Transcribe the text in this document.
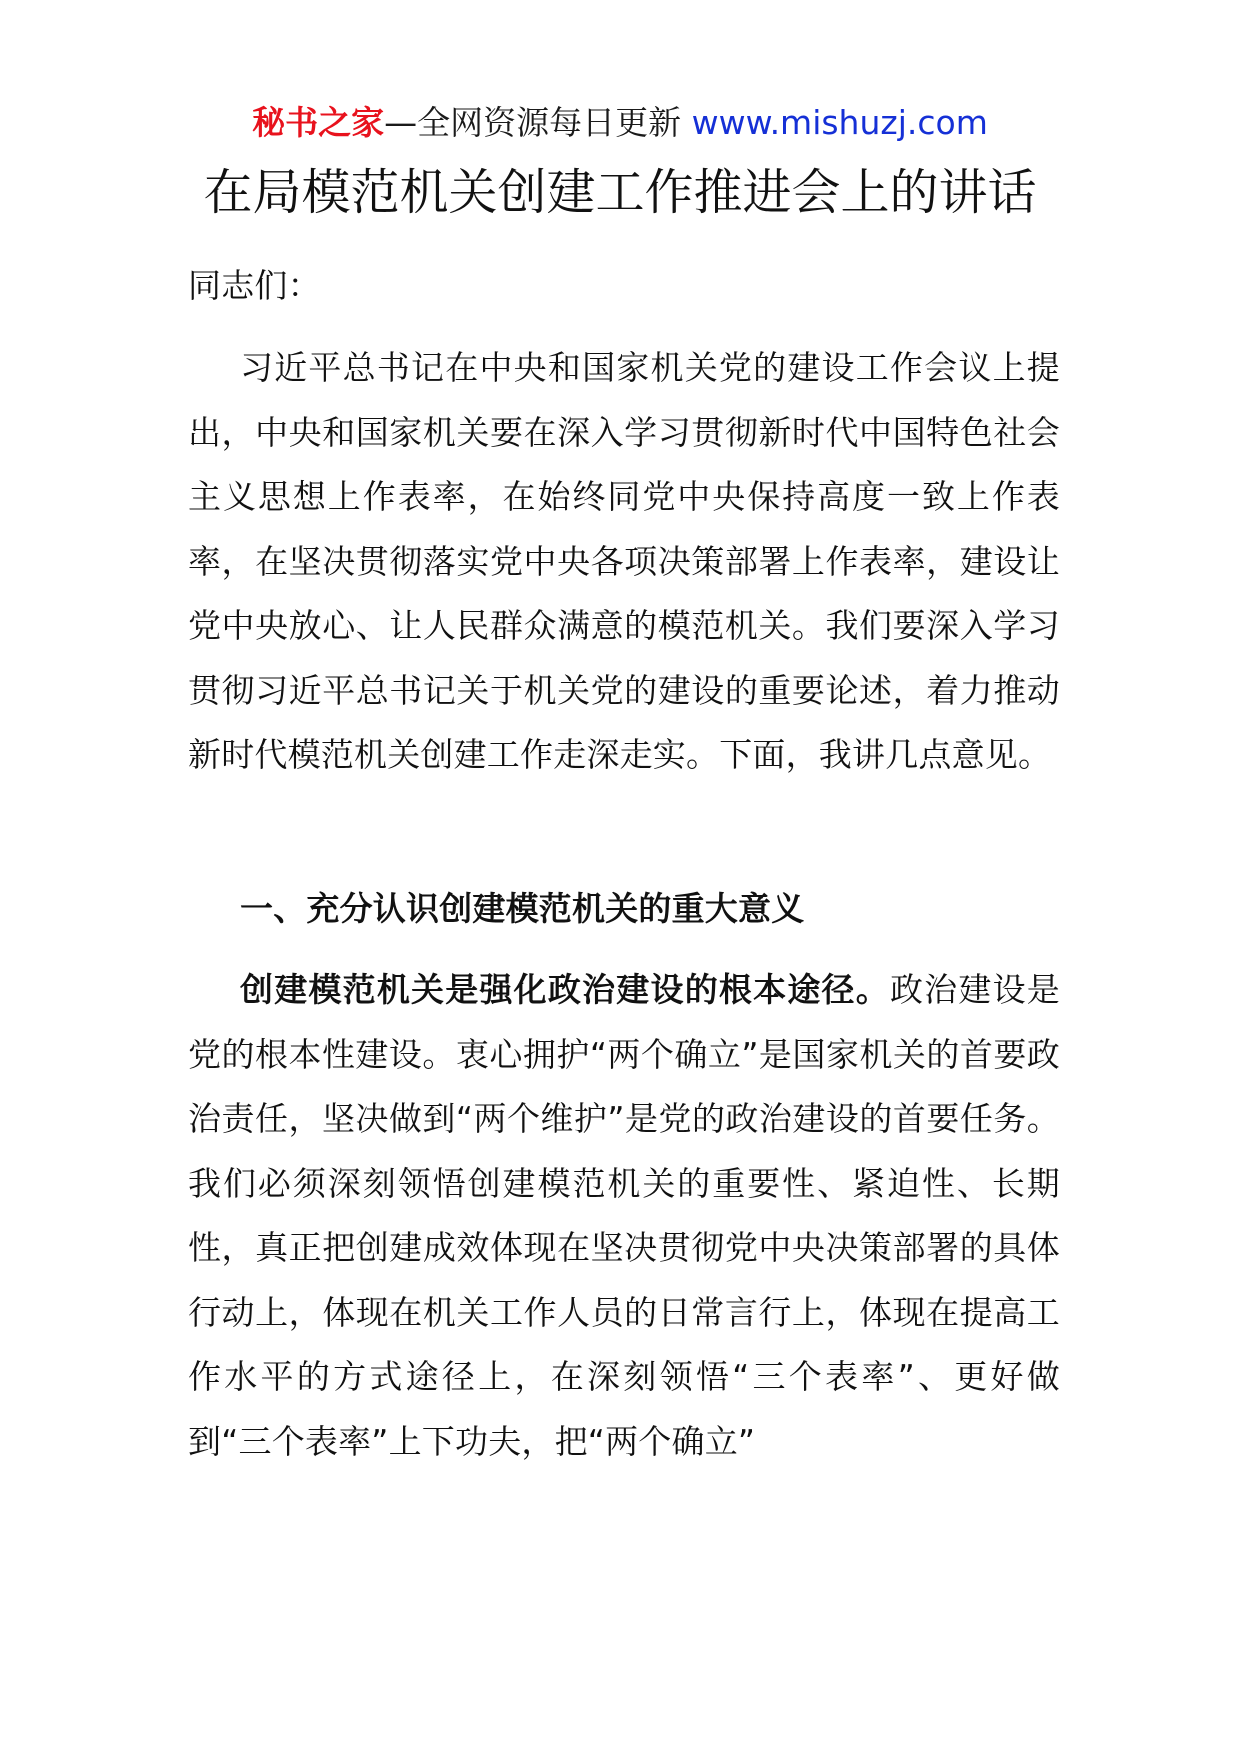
秘书之家—全网资源每日更新 www.mishuzj.com
在局模范机关创建工作推进会上的讲话

同志们：

习近平总书记在中央和国家机关党的建设工作会议上提出，中央和国家机关要在深入学习贯彻新时代中国特色社会主义思想上作表率，在始终同党中央保持高度一致上作表率，在坚决贯彻落实党中央各项决策部署上作表率，建设让党中央放心、让人民群众满意的模范机关。我们要深入学习贯彻习近平总书记关于机关党的建设的重要论述，着力推动新时代模范机关创建工作走深走实。下面，我讲几点意见。

一、充分认识创建模范机关的重大意义

创建模范机关是强化政治建设的根本途径。政治建设是党的根本性建设。衷心拥护“两个确立”是国家机关的首要政治责任，坚决做到“两个维护”是党的政治建设的首要任务。我们必须深刻领悟创建模范机关的重要性、紧迫性、长期性，真正把创建成效体现在坚决贯彻党中央决策部署的具体行动上，体现在机关工作人员的日常言行上，体现在提高工作水平的方式途径上，在深刻领悟“三个表率”、更好做到“三个表率”上下功夫，把“两个确立”
